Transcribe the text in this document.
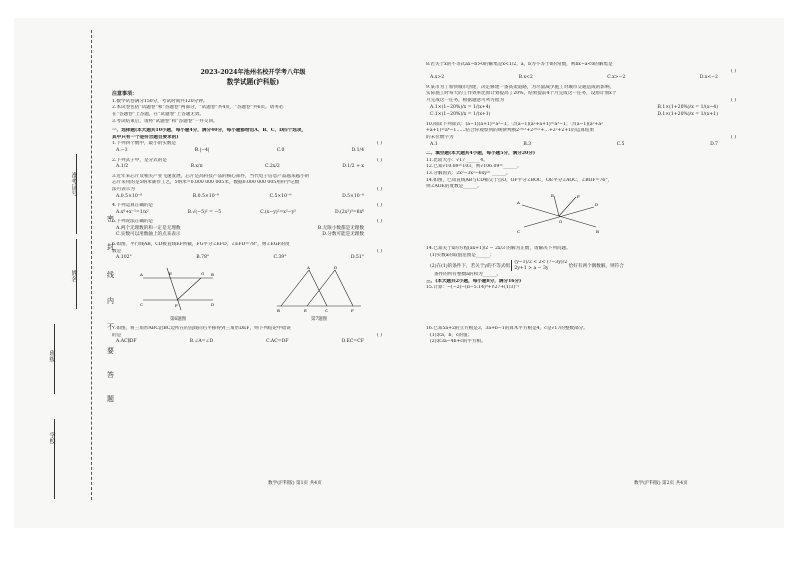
准考证号
姓名
班级
学校
密
封
线
内
不
要
答
题
2023-2024年池州名校开学考八年级
数学试题(沪科版)
注意事项：
1.数学试卷满分150分，考试时间共120分钟。
2.本试卷包括“试题卷”和“答题卷”两部分，“试题卷”共4页，“答题卷”共6页。请务必
在“答题卷”上答题，在“试题卷”上答题无效。
3.考试结束后，请将“试题卷”和“答题卷”一并交回。
一、选择题(本大题共10小题，每小题4分，满分40分，每小题都给出A、B、C、D四个选项，
其中只有一个是符合题目要求的)
1.下列四个数中，最小的实数是	( )
A.−3	B.|−4|	C.0	D.1/4
2.下列式子中，是分式的是	( )
A.1/2	B.x/π	C.2x/2	D.1/2 + x
3.近年来芯片及相关产业飞速发展，芯片是高科技产品的核心部件，当代电子信息产品越来越小的
芯片采用的是5纳米制作工艺，5纳米=0.000 000 005米，数据0.000 000 005用科学记数
法可表示为	( )
A.0.5×10⁻⁸	B.0.5×10⁻⁹	C.5×10⁻⁹	D.5×10⁻⁸
4.下列运算正确的是	( )
A.x⁰+x⁻¹=1/x²	B.√(−5)² = −5	C.(x−y)²=x²−y²	D.(2x²)³=6x⁶
5.下列说法正确的是	( )
A.两个无理数的和一定是无理数	B.无限小数都是无理数
C.实数可以用数轴上的点来表示	D.分数可能是无理数
6.如图，平行线AB，CD被直线EF所截，FG平分∠EFD，∠EFD=78°，则∠EGF的度
数是	( )
A.102°	B.78°	C.39°	D.51°
A	B
C	D
E
F
G
第6题图
A	D
B	E	C	F
第7题图
7.如图，将三角形ABC沿BC边所在的直线向右平移得到三角形DEF，则下列结论中错误
的是	( )
A.AC∥DF	B.∠A=∠D	C.AC=DF	D.EC=CF
数学(沪科版) 第1页 共4页
8.若关于x的不等式ax−b>0的解集是x<1/2，a，b为不等于0的常数，则bx−a<0的解集是
( )

A.x>2	B.x<2	C.x>−2	D.x<−2
9.某市为了加快城市创建，决定修建一条高架道路，为尽量减少施工对城市交通造成的影响，
实际施工时每天的工作效率比原计划提高了20%，结果提前4个月完成这一任务，设原计划x个
月完成这一任务，根据题意可列方程为	( )
A.1×(1−20%)/x = 1/(x+4)	B.1×(1+20%)/x = 1/(x−4)
C.1×(1−20%)/x = 1/(x+1)	D.1×(1+20%)/x = 1/(x+1)
10.阅读下列算式：(a−1)(a+1)=a²−1；②(a−1)(a²+a+1)=a³−1；③(a−1)(a³+a²
+a+1)=a⁴−1……结合你观察到的规律判断2²⁰²³+2²⁰²²+…+2²+2+1的运算结果
的末位数字为	( )
A.1	B.3	C.5	D.7
二、填空题(本大题共4小题，每小题5分，满分20分)
11.比较大小：√17 ______4。
12.已知√10.89=103，则√106.09=______。
13.分解因式：2x³−3x²−6xy= ______。
14.如图，已知直线AB与CD相交于点O，OF平分∠BOC，OE平分∠AOC，∠BOF=76°，
则∠AOE的度数是______。
A
B
C
D
E	F
O
14.已知关于x的方程(ax+1)/2 − 2x/3 的解为正数，请解决下列问题。
(1)实数a的取值范围是______；
(2)在(1)的条件下，若关于y的不等式组 (y−1)/2 < 2< (7−3y)/2
2y+1 > a − 3y	恰好有两个偶数解，则符合
条件的所有整数a的和为______。
三、(本大题共2小题，每小题8分，满分16分)
15.计算：−(−2)−(π−5.14)⁰+∛27+(1/3)⁻²
16.已知5a+2的立方根是3，3a+b−1的算术平方根是4，c是√17的整数部分。
(1)求a，b，c的值；
(2)求3a−4b+c的平方根。
数学(沪科版) 第2页 共4页
